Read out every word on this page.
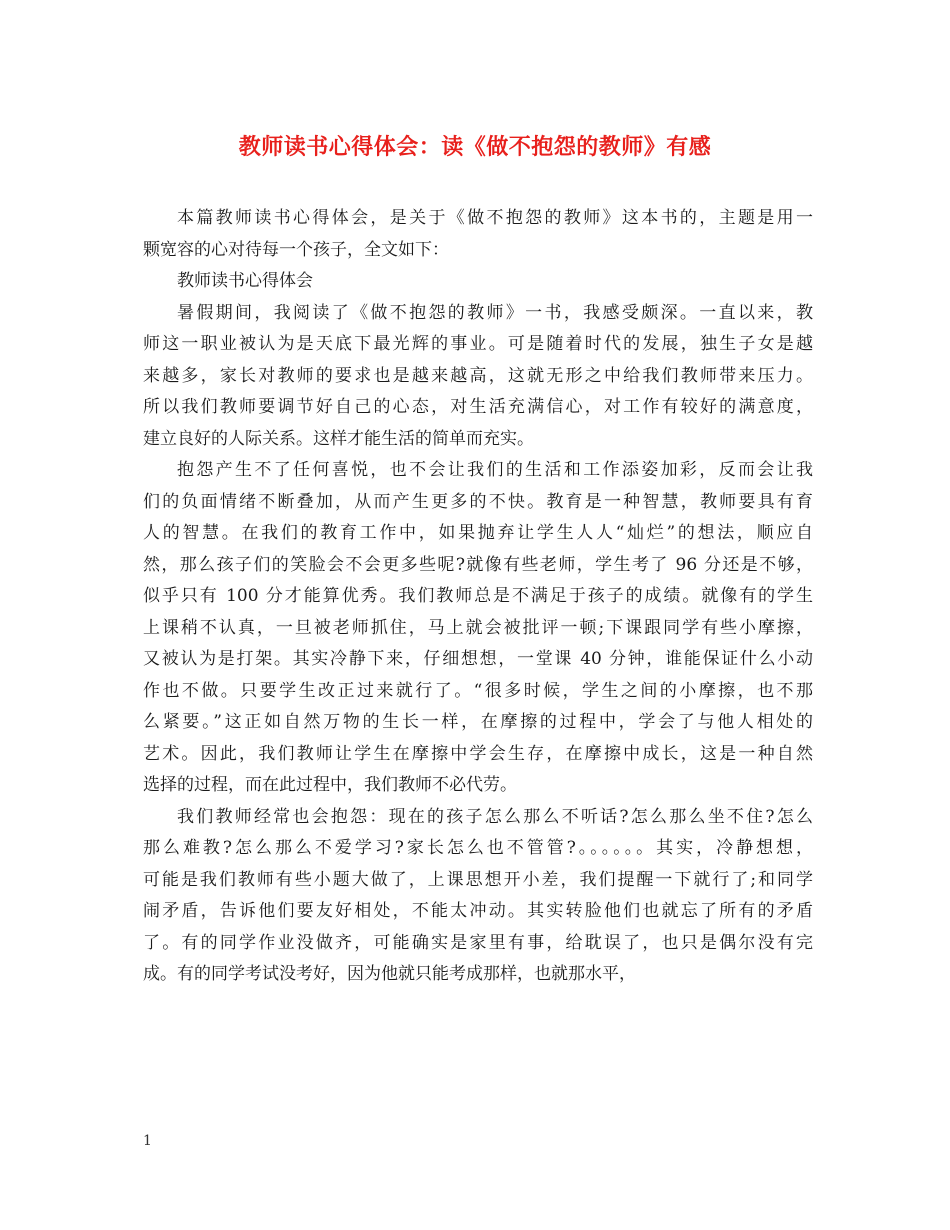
教师读书心得体会：读《做不抱怨的教师》有感
本篇教师读书心得体会，是关于《做不抱怨的教师》这本书的，主题是用一
颗宽容的心对待每一个孩子，全文如下：
教师读书心得体会
暑假期间，我阅读了《做不抱怨的教师》一书，我感受颇深。一直以来，教
师这一职业被认为是天底下最光辉的事业。可是随着时代的发展，独生子女是越
来越多，家长对教师的要求也是越来越高，这就无形之中给我们教师带来压力。
所以我们教师要调节好自己的心态，对生活充满信心，对工作有较好的满意度，
建立良好的人际关系。这样才能生活的简单而充实。
抱怨产生不了任何喜悦，也不会让我们的生活和工作添姿加彩，反而会让我
们的负面情绪不断叠加，从而产生更多的不快。教育是一种智慧，教师要具有育
人的智慧。在我们的教育工作中，如果抛弃让学生人人“灿烂”的想法，顺应自
然，那么孩子们的笑脸会不会更多些呢?就像有些老师，学生考了 96 分还是不够，
似乎只有 100 分才能算优秀。我们教师总是不满足于孩子的成绩。就像有的学生
上课稍不认真，一旦被老师抓住，马上就会被批评一顿;下课跟同学有些小摩擦，
又被认为是打架。其实冷静下来，仔细想想，一堂课 40 分钟，谁能保证什么小动
作也不做。只要学生改正过来就行了。“很多时候，学生之间的小摩擦，也不那
么紧要。”这正如自然万物的生长一样，在摩擦的过程中，学会了与他人相处的
艺术。因此，我们教师让学生在摩擦中学会生存，在摩擦中成长，这是一种自然
选择的过程，而在此过程中，我们教师不必代劳。
我们教师经常也会抱怨：现在的孩子怎么那么不听话?怎么那么坐不住?怎么
那么难教?怎么那么不爱学习?家长怎么也不管管?。。。。。。其实，冷静想想，
可能是我们教师有些小题大做了，上课思想开小差，我们提醒一下就行了;和同学
闹矛盾，告诉他们要友好相处，不能太冲动。其实转脸他们也就忘了所有的矛盾
了。有的同学作业没做齐，可能确实是家里有事，给耽误了，也只是偶尔没有完
成。有的同学考试没考好，因为他就只能考成那样，也就那水平，
1
